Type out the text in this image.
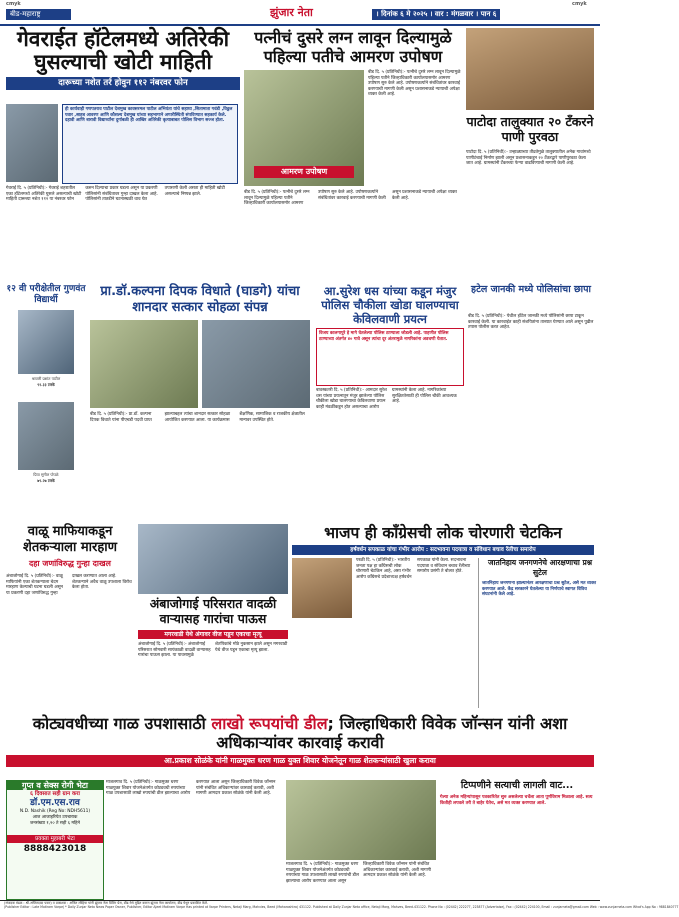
cmyk
बीड-महाराष्ट्र	झुंजार नेता	। दिनांक ६ मे २०२५ । वार : मंगळवार । पान ६
cmyk
गेवराईत हॉटेलमध्ये अतिरेकी घुसल्याची खोटी माहिती
दारूच्या नशेत तर्र होवुन ११२ नंबरवर फोन
ही कार्यवाही गणपतराव पाटील देशमुख कावसरमल पाटील अभियंता यांचे सहाय्य ,सितामाता गवंडी ,विठ्ठल पवार ,साहब आवरण आणि कौशल्य देशमुख यांच्या सहभागाने अप्परीस्थिती संपविण्यात सहकार्य केले. दहावी आणि बारावी विद्यार्थ्यांना दुर्गाबळी ही आखिर अतिरेकी कृत्याबाबत पोलिस विभाग सज्ज होता.
गेवराई दि. ५ (प्रतिनिधी):- गेवराई शहरातील एका हॉटेलमध्ये अतिरेकी घुसले असल्याची खोटी माहिती दारूच्या नशेत ११२ या नंबरवर फोन करुन दिल्याचा प्रकार घडला असून या प्रकरणी पोलिसांनी संबंधितावर गुन्हा दाखल केला आहे. पोलिसांनी तातडीने घटनास्थळी धाव घेत तपासणी केली असता ही माहिती खोटी असल्याचे निष्पन्न झाले.
पत्नीचं दुसरे लग्न लावून दिल्यामुळे पहिल्या पतीचे आमरण उपोषण
आमरण उपोषण
बीड दि. ५ (प्रतिनिधी):- पत्नीचे दुसरे लग्न लावून दिल्यामुळे पहिल्या पतीने जिल्हाधिकारी कार्यालयासमोर आमरण उपोषण सुरु केले आहे. उपोषणकर्त्याने संबंधितांवर कारवाई करण्याची मागणी केली असून प्रशासनाकडे न्यायाची अपेक्षा व्यक्त केली आहे.
बीड दि. ५ (प्रतिनिधी):- पत्नीचे दुसरे लग्न लावून दिल्यामुळे पहिल्या पतीने जिल्हाधिकारी कार्यालयासमोर आमरण उपोषण सुरु केले आहे. उपोषणकर्त्याने संबंधितांवर कारवाई करण्याची मागणी केली असून प्रशासनाकडे न्यायाची अपेक्षा व्यक्त केली आहे.
पाटोदा तालुक्यात २० टँकरने पाणी पुरवठा
पाटोदा दि. ५ (प्रतिनिधी):- उन्हाळ्याच्या तीव्रतेमुळे तालुक्यातील अनेक गावांमध्ये पाणीटंचाई निर्माण झाली असून प्रशासनाकडून २० टँकरद्वारे पाणीपुरवठा केला जात आहे. ग्रामस्थांनी टँकरच्या फेऱ्या वाढविण्याची मागणी केली आहे.
१२ वी परीक्षेतील गुणवंत विद्यार्थी
श्रावणी प्रशांत पाटील
९१.३३ टक्के
प्रिया सुनील पोपळे
७९.२७ टक्के
प्रा.डॉ.कल्पना दिपक विधाते (घाडगे) यांचा शानदार सत्कार सोहळा संपन्न
बीड दि. ५ (प्रतिनिधी):- प्रा.डॉ. कल्पना दिपक विधाते यांना पीएचडी पदवी प्राप्त झाल्याबद्दल त्यांचा शानदार सत्कार सोहळा आयोजित करण्यात आला. या कार्यक्रमास शैक्षणिक, सामाजिक व राजकीय क्षेत्रातील मान्यवर उपस्थित होते.
आ.सुरेश धस यांच्या कडून मंजुर पोलिस चौकीला खोडा घालण्याचा केविलवाणी प्रयत्न
विजय कालगापुरे हे मागे घेतलेल्या पोलिस ठाण्याला जोडली आहे. पाहणीत पोलिस ठाण्याच्या अंतर्गत ४० गावे असून त्यांचा दूर अंतरामुळे नागरिकांना अडचणी येतात.
बावस्कतरी दि. ५ (प्रतिनिधी):- आमदार सुरेश धस यांच्या प्रयत्नातून मंजुर झालेल्या पोलिस चौकीला खोडा घालण्याचा केविलवाणा प्रयत्न काही मंडळींकडून होत असल्याचा आरोप ग्रामस्थांनी केला आहे. नागरिकांच्या सुरक्षिततेसाठी ही पोलिस चौकी आवश्यक आहे.
हटेल जानकी मध्ये पोलिसांचा छापा
बीड दि. ५ (प्रतिनिधी):- येथील हॉटेल जानकी मध्ये पोलिसांनी छापा टाकून कारवाई केली. या कारवाईत काही संशयितांना ताब्यात घेण्यात आले असून पुढील तपास पोलीस करत आहेत.
वाळू माफियाकडून शेतकऱ्याला मारहाण
दहा जणांविरुद्ध गुन्हा दाखल
अंबाजोगाई दि. ५ (प्रतिनिधी):- वाळू माफियांनी एका शेतकऱ्याला बेदम मारहाण केल्याची घटना घडली असून या प्रकरणी दहा जणांविरुद्ध गुन्हा दाखल करण्यात आला आहे. शेतकऱ्याने अवैध वाळू उपशाला विरोध केला होता.
अंबाजोगाई परिसरात वादळी वाऱ्यासह गारांचा पाऊस
मगरवाडी येथे अंगावर वीज पडून एकाचा मृत्यू
अंबाजोगाई दि. ५ (प्रतिनिधी):- अंबाजोगाई परिसरात सोमवारी सायंकाळी वादळी वाऱ्यासह गारांचा पाऊस झाला. या पावसामुळे शेतपिकांचे मोठे नुकसान झाले असून मगरवाडी येथे वीज पडून एकाचा मृत्यू झाला.
भाजप ही कॉंग्रेसची लोक चोरणारी चेटकिन
हर्षवर्धन सपकाळ यांचा गंभीर आरोप : सदभावना पदयात्रा व संविधान बचाव रॅलीचा समारोप
परळी दि. ५ (प्रतिनिधी):- भारतीय जनता पक्ष हा कॉंग्रेसची लोक चोरणारी चेटकिन आहे, असा गंभीर आरोप कॉंग्रेसचे प्रदेशाध्यक्ष हर्षवर्धन सपकाळ यांनी केला. सदभावना पदयात्रा व संविधान बचाव रॅलीच्या समारोप प्रसंगी ते बोलत होते.
जातनिहाय जनगणनेचे आरक्षणाचा प्रश्न सुटेल
जातनिहाय जनगणना झाल्यानंतर आरक्षणाचा प्रश्न सुटेल, असे मत व्यक्त करण्यात आले. केंद्र सरकारने घेतलेल्या या निर्णयाचे स्वागत विविध संघटनांनी केले आहे.
कोट्यवधीच्या गाळ उपशासाठी लाखो रूपयांची डील; जिल्हाधिकारी विवेक जॉन्सन यांनी अशा अधिकाऱ्यांवर कारवाई करावी
आ.प्रकाश सोळंके यांनी गाळमुक्त धरण गाळ युक्त शिवार योजनेतून गाळ शेतकऱ्यांसाठी खुला करावा
गुप्त व सेक्स रोगी भेटा
६ दिवसात सही ग्रान करा
डॉ.एम.एस.राव
N.D. Nashik (Reg No: NDH5611)
आज आजाहरियेत उपचाराक
जनसंख्या १,२० ते सही ६ महिने
प्रवक्ता मुहाबरी भेटा
8888423018
माजलगाव दि. ५ (प्रतिनिधी):- गाळमुक्त धरण गाळयुक्त शिवार योजनेअंतर्गत कोट्यवधी रुपयांच्या गाळ उपशासाठी लाखो रुपयांची डील झाल्याचा आरोप करण्यात आला असून जिल्हाधिकारी विवेक जॉन्सन यांनी संबंधित अधिकाऱ्यांवर कारवाई करावी, अशी मागणी आमदार प्रकाश सोळंके यांनी केली आहे.
माजलगाव दि. ५ (प्रतिनिधी):- गाळमुक्त धरण गाळयुक्त शिवार योजनेअंतर्गत कोट्यवधी रुपयांच्या गाळ उपशासाठी लाखो रुपयांची डील झाल्याचा आरोप करण्यात आला असून जिल्हाधिकारी विवेक जॉन्सन यांनी संबंधित अधिकाऱ्यांवर कारवाई करावी, अशी मागणी आमदार प्रकाश सोळंके यांनी केली आहे.
टिप्पणीने सत्याची लागली वाट...
गेल्या अनेक महिन्यांपासून पत्रकारितेत सुरु असलेल्या चर्चेला आता पूर्णविराम मिळाला आहे. सत्य कितीही लपवले तरी ते बाहेर येतेच, असे मत व्यक्त करण्यात आले.
(संपादक मंडळ : श्री.अजितदादा पवार) व प्रकाशक : अजित लोहिया यांनी झुंजार नेता प्रिंटिंग प्रेस, बीड येथे मुद्रित करून झुंजार नेता कार्यालय, बीड येथून प्रकाशित केले.
(Publisher Editor : Late Motiram Varpe) * Daily Zunjar Neta News Paper Owner, Publisher, Editor Ajeet Motiram Varpe Has printed at Varpe Printers, Netaji Marg, Mahvies, Beed (Maharashtra) 431122. Published at Daily Zunjar Neta office, Netaji Marg, Mahves, Beed-431122. Phone No : (02442) 222277, 223877 (Advertaise), Fax : (02442) 224100, Email : zunjarneta@gmail.com Web : www.zunjarneta.com What's App No : 9881840777
